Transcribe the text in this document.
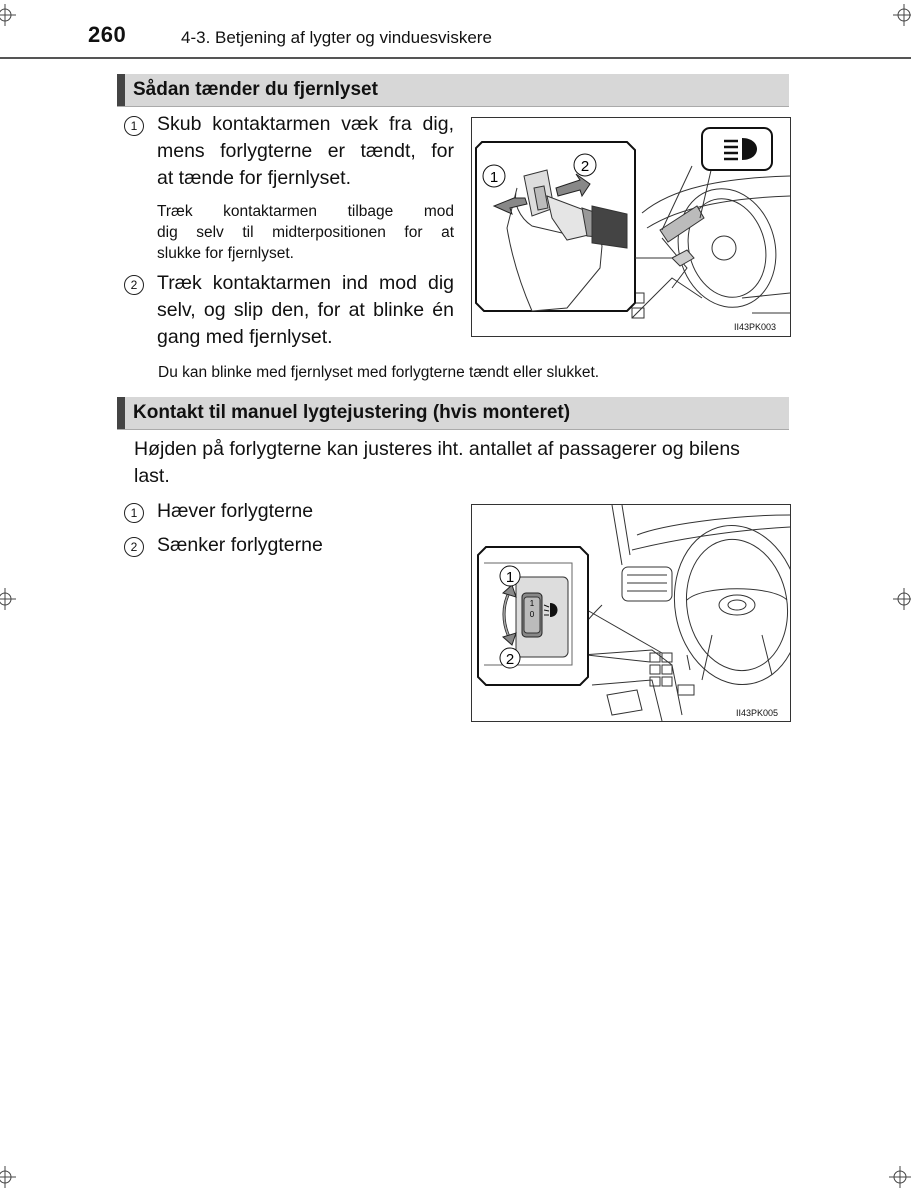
260	4-3. Betjening af lygter og vinduesviskere
Sådan tænder du fjernlyset
1	Skub kontaktarmen væk fra dig,
mens forlygterne er tændt, for
at tænde for fjernlyset.
Træk kontaktarmen tilbage mod
dig selv til midterpositionen for at
slukke for fjernlyset.
2	Træk kontaktarmen ind mod dig
selv, og slip den, for at blinke én
gang med fjernlyset.
1
2
II43PK003
Du kan blinke med fjernlyset med forlygterne tændt eller slukket.
Kontakt til manuel lygtejustering (hvis monteret)
Højden på forlygterne kan justeres iht. antallet af passagerer og bilens
last.
1	Hæver forlygterne
2	Sænker forlygterne
1
0
1
2
II43PK005
